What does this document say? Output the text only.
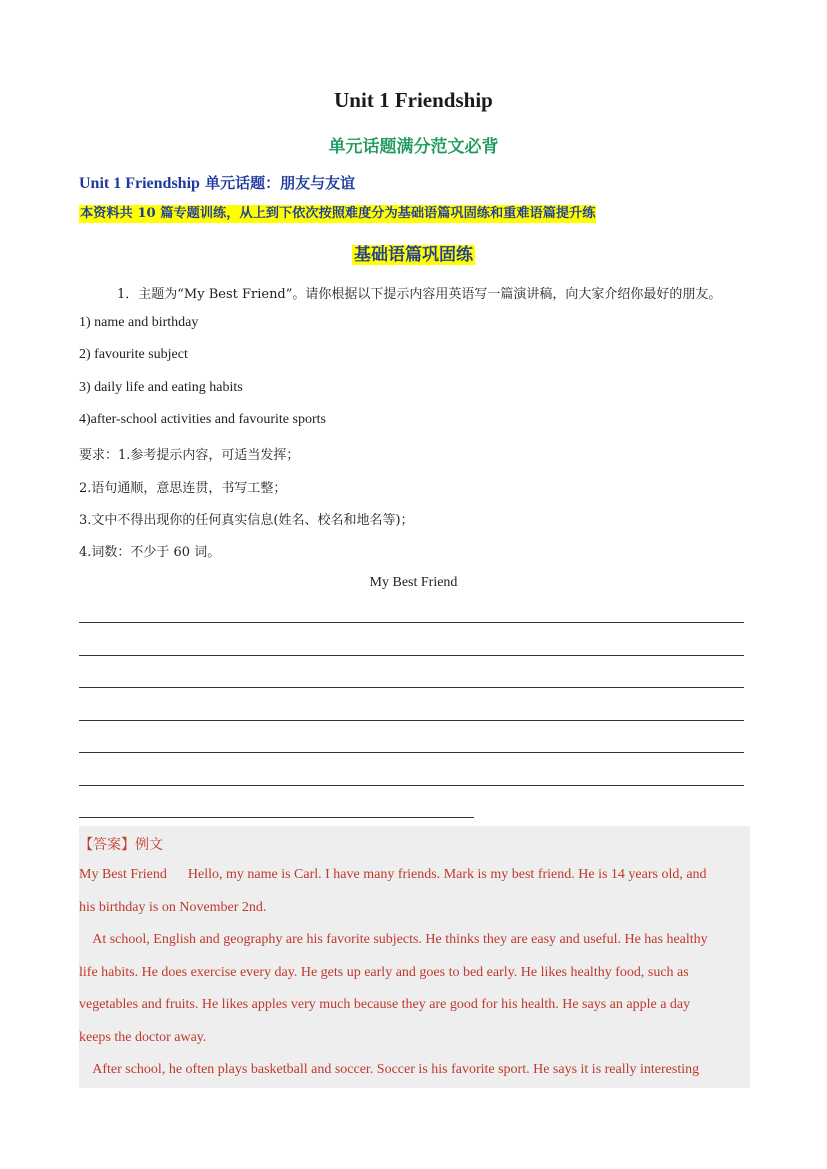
Unit 1 Friendship
单元话题满分范文必背
Unit 1 Friendship 单元话题：朋友与友谊
本资料共 10 篇专题训练，从上到下依次按照难度分为基础语篇巩固练和重难语篇提升练
基础语篇巩固练
1．主题为“My Best Friend”。请你根据以下提示内容用英语写一篇演讲稿，向大家介绍你最好的朋友。
1) name and birthday
2) favourite subject
3) daily life and eating habits
4)after-school activities and favourite sports
要求：1.参考提示内容，可适当发挥；
2.语句通顺，意思连贯，书写工整；
3.文中不得出现你的任何真实信息(姓名、校名和地名等)；
4.词数：不少于 60 词。
My Best Friend
【答案】例文
My Best Friend      Hello, my name is Carl. I have many friends. Mark is my best friend. He is 14 years old, and
his birthday is on November 2nd.
At school, English and geography are his favorite subjects. He thinks they are easy and useful. He has healthy
life habits. He does exercise every day. He gets up early and goes to bed early. He likes healthy food, such as
vegetables and fruits. He likes apples very much because they are good for his health. He says an apple a day
keeps the doctor away.
After school, he often plays basketball and soccer. Soccer is his favorite sport. He says it is really interesting
